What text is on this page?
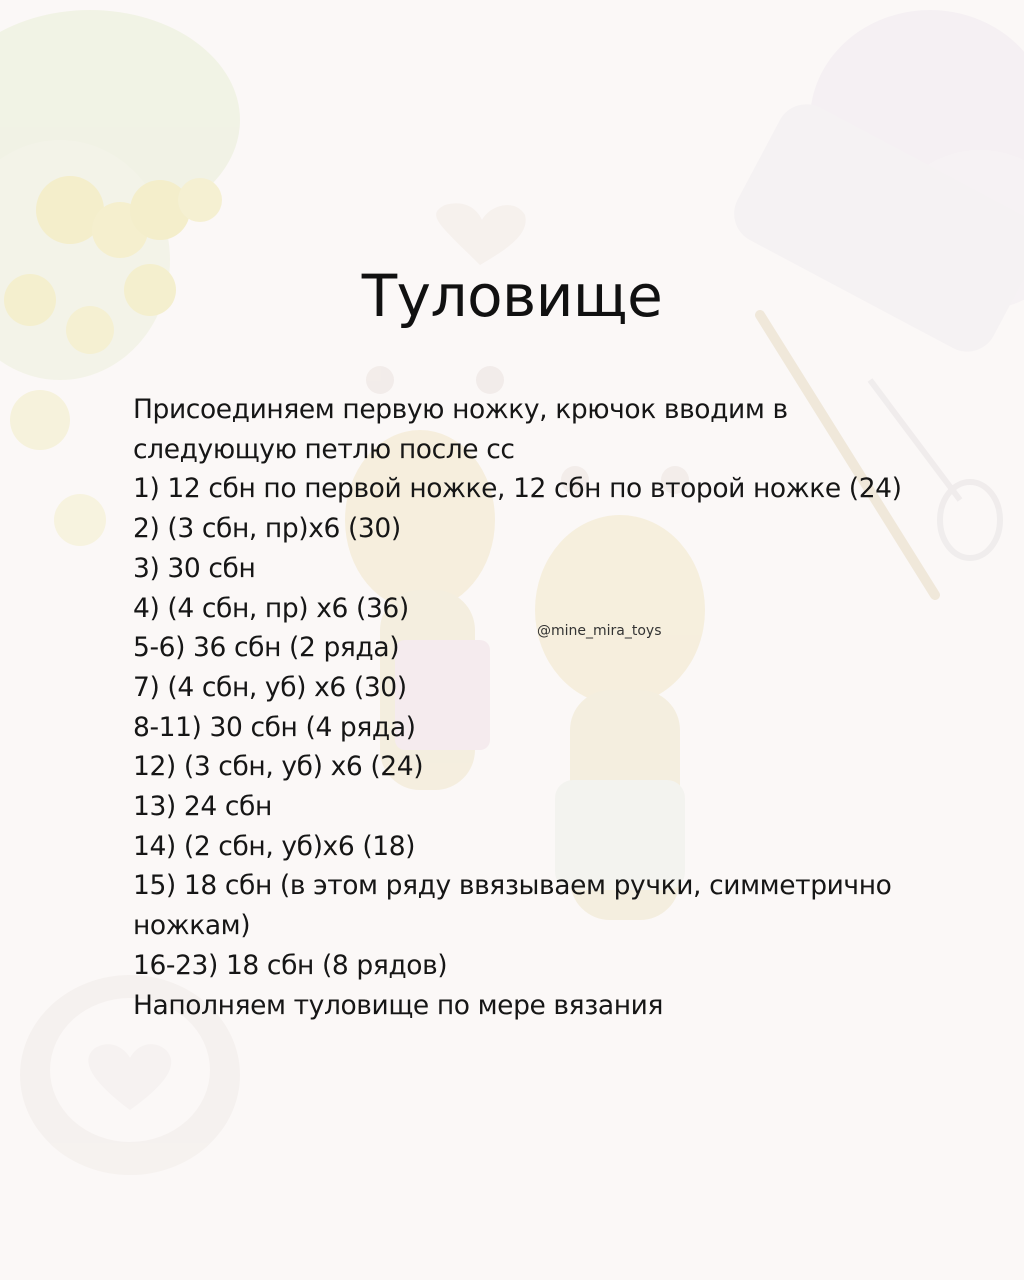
Туловище
Присоединяем первую ножку, крючок вводим в
следующую петлю после сс
1) 12 сбн по первой ножке, 12 сбн по второй ножке (24)
2) (3 сбн, пр)х6 (30)
3) 30 сбн
4) (4 сбн, пр) х6 (36)
5-6) 36 сбн (2 ряда)
7) (4 сбн, уб) х6 (30)
8-11) 30 сбн (4 ряда)
12) (3 сбн, уб) х6 (24)
13) 24 сбн
14) (2 сбн, уб)х6 (18)
15) 18 сбн (в этом ряду ввязываем ручки, симметрично
ножкам)
16-23) 18 сбн (8 рядов)
Наполняем туловище по мере вязания
@mine_mira_toys
